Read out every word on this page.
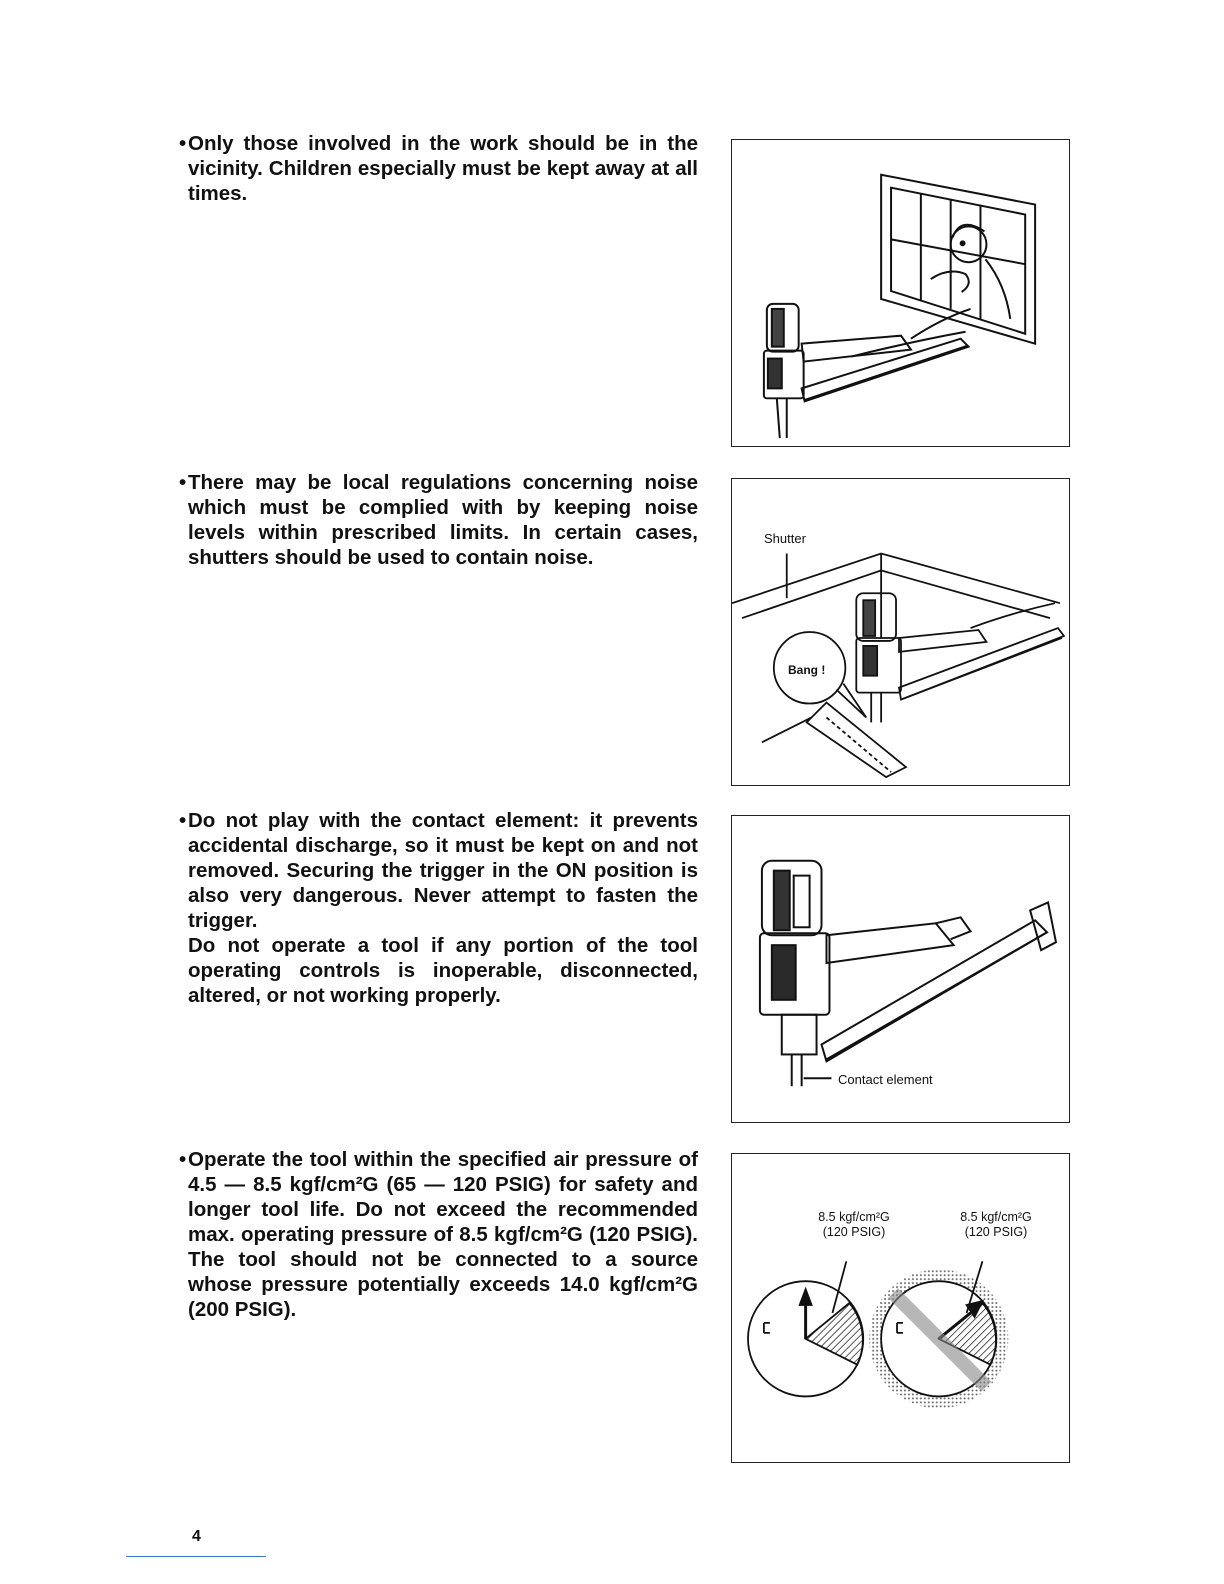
• Only those involved in the work should be in the vicinity. Children especially must be kept away at all times.

• There may be local regulations concerning noise which must be complied with by keeping noise levels within prescribed limits. In certain cases, shutters should be used to contain noise.

Shutter
Bang !
• Do not play with the contact element: it prevents accidental discharge, so it must be kept on and not removed. Securing the trigger in the ON position is also very dangerous. Never attempt to fasten the trigger.

Do not operate a tool if any portion of the tool operating controls is inoperable, disconnected, altered, or not working properly.

Contact element
• Operate the tool within the specified air pressure of 4.5 — 8.5 kgf/cm²G (65 — 120 PSIG) for safety and longer tool life. Do not exceed the recommended max. operating pressure of 8.5 kgf/cm²G (120 PSIG). The tool should not be connected to a source whose pressure potentially exceeds 14.0 kgf/cm²G (200 PSIG).

8.5 kgf/cm²G
(120 PSIG)
8.5 kgf/cm²G
(120 PSIG)
4
